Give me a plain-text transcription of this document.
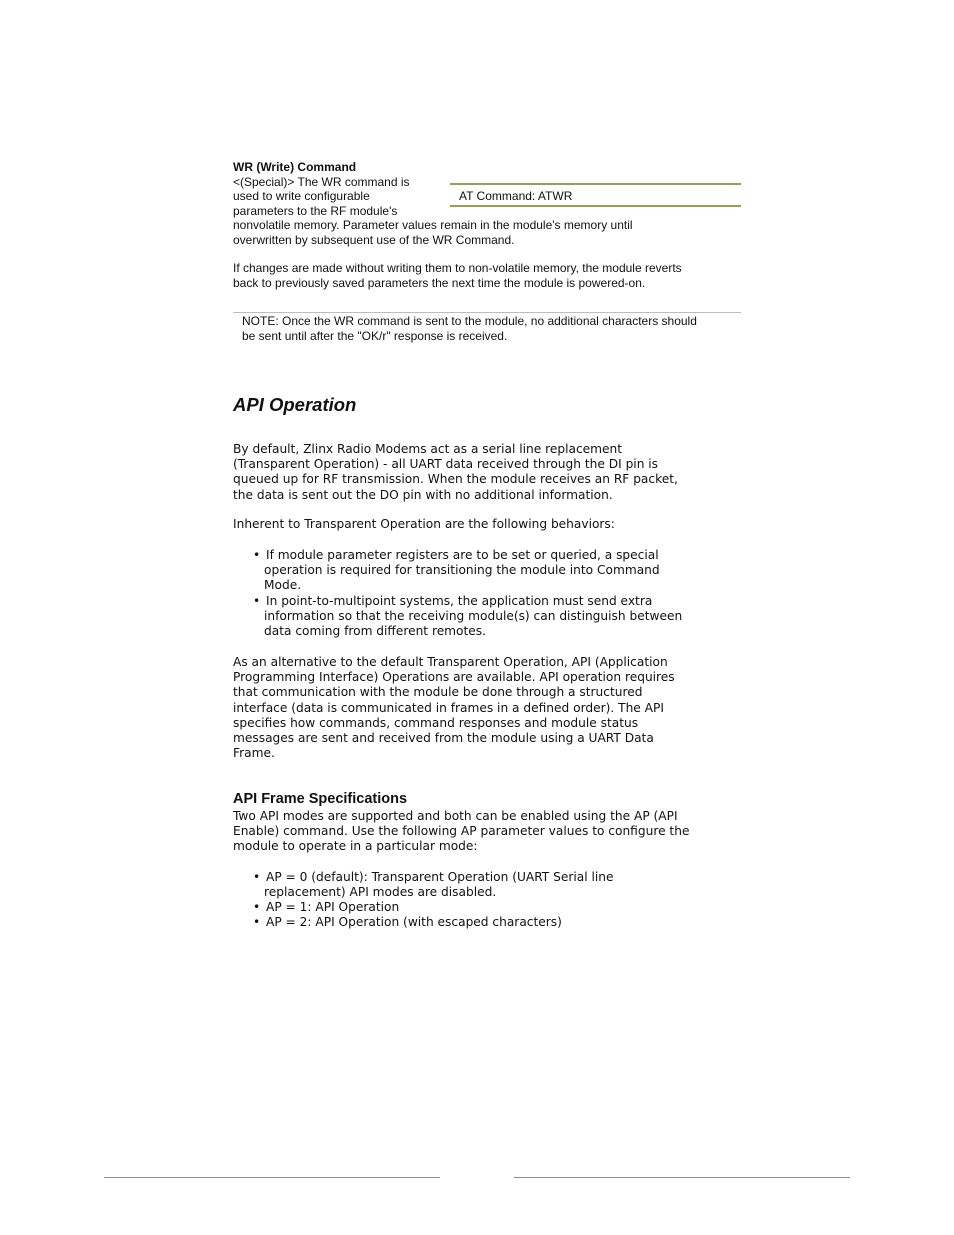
WR (Write) Command
<(Special)> The WR command is
used to write configurable
parameters to the RF module's
nonvolatile memory. Parameter values remain in the module's memory until
overwritten by subsequent use of the WR Command.
AT Command: ATWR
If changes are made without writing them to non-volatile memory, the module reverts
back to previously saved parameters the next time the module is powered-on.
NOTE: Once the WR command is sent to the module, no additional characters should
be sent until after the "OK/r" response is received.
API Operation
By default, Zlinx Radio Modems act as a serial line replacement
(Transparent Operation) - all UART data received through the DI pin is
queued up for RF transmission. When the module receives an RF packet,
the data is sent out the DO pin with no additional information.
Inherent to Transparent Operation are the following behaviors:
• If module parameter registers are to be set or queried, a special
operation is required for transitioning the module into Command
Mode.
• In point-to-multipoint systems, the application must send extra
information so that the receiving module(s) can distinguish between
data coming from different remotes.
As an alternative to the default Transparent Operation, API (Application
Programming Interface) Operations are available. API operation requires
that communication with the module be done through a structured
interface (data is communicated in frames in a defined order). The API
specifies how commands, command responses and module status
messages are sent and received from the module using a UART Data
Frame.
API Frame Specifications
Two API modes are supported and both can be enabled using the AP (API
Enable) command. Use the following AP parameter values to configure the
module to operate in a particular mode:
• AP = 0 (default): Transparent Operation (UART Serial line
replacement) API modes are disabled.
• AP = 1: API Operation
• AP = 2: API Operation (with escaped characters)
